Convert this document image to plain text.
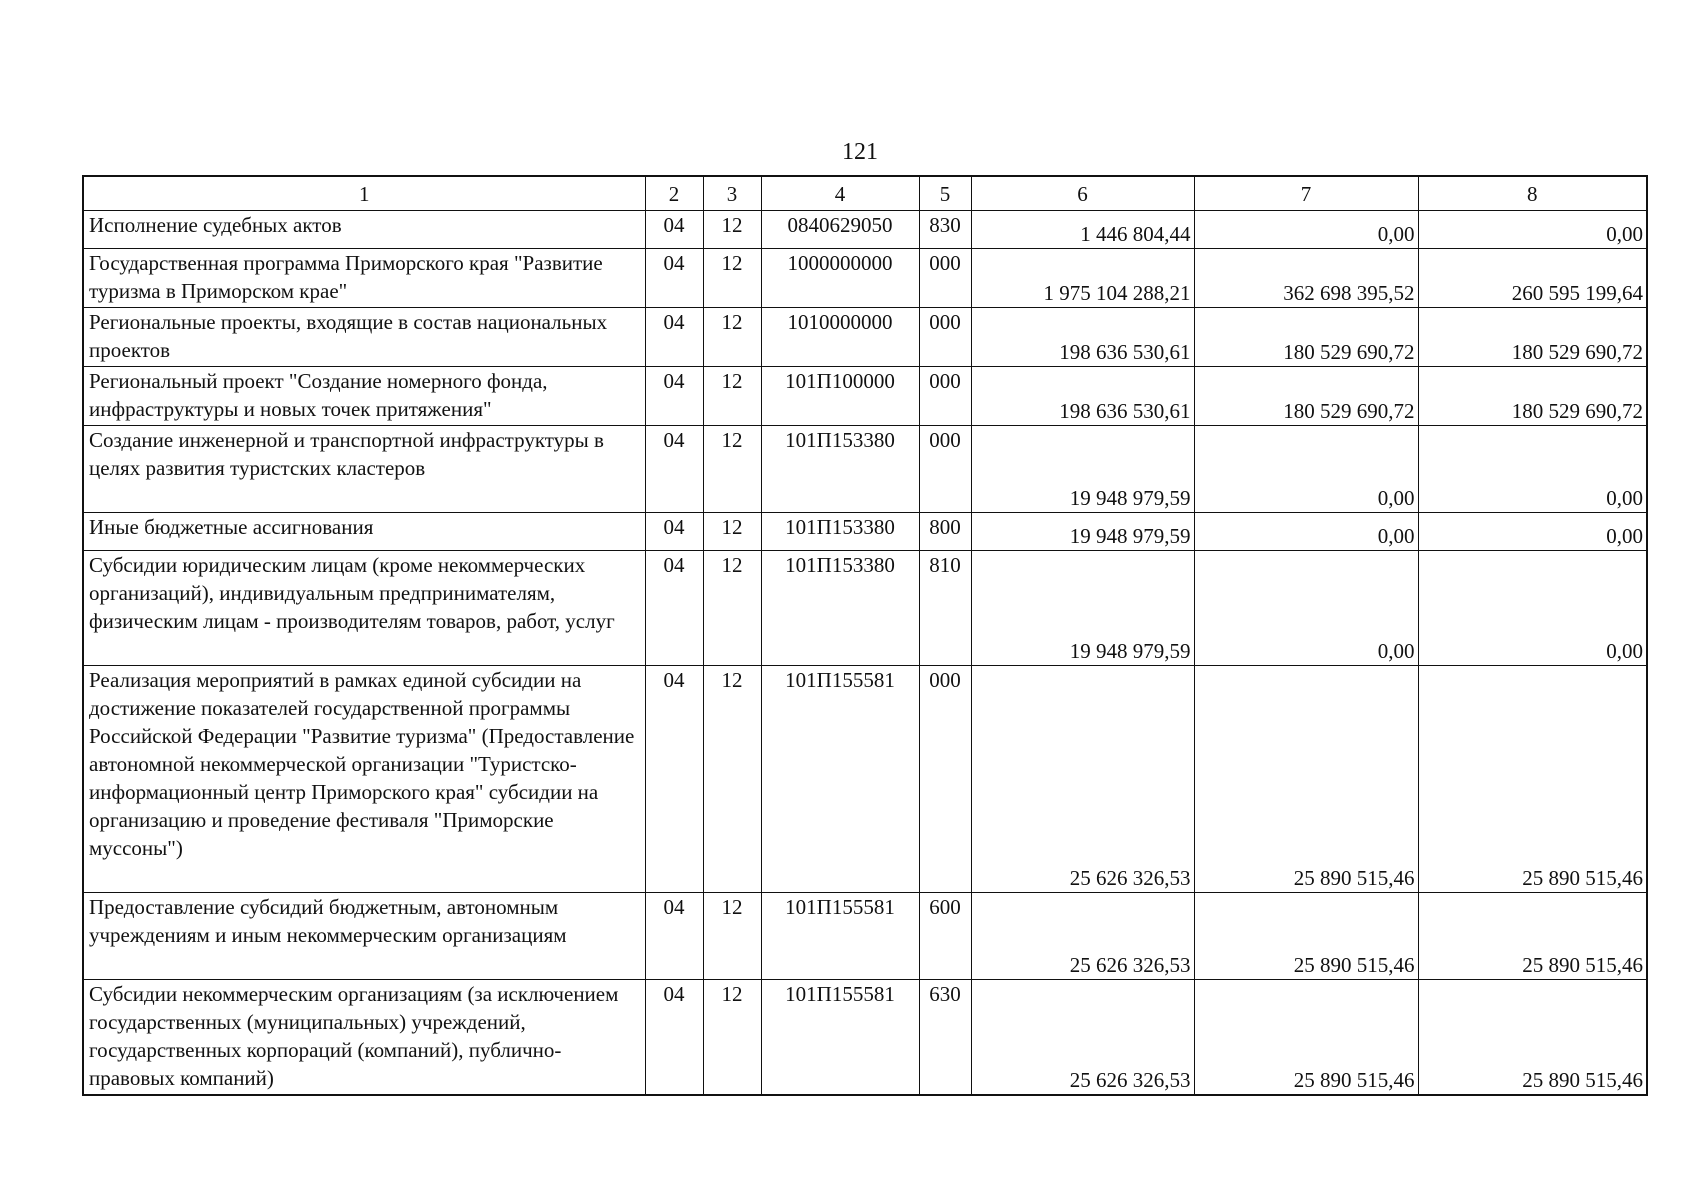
121
1	2	3	4	5	6	7	8
Исполнение судебных актов	04	12	0840629050	830	1 446 804,44	0,00	0,00
Государственная программа Приморского края "Развитие туризма в Приморском крае"	04	12	1000000000	000	1 975 104 288,21	362 698 395,52	260 595 199,64
Региональные проекты, входящие в состав национальных проектов	04	12	1010000000	000	198 636 530,61	180 529 690,72	180 529 690,72
Региональный проект "Создание номерного фонда, инфраструктуры и новых точек притяжения"	04	12	101П100000	000	198 636 530,61	180 529 690,72	180 529 690,72
Создание инженерной и транспортной инфраструктуры в целях развития туристских кластеров	04	12	101П153380	000	19 948 979,59	0,00	0,00
Иные бюджетные ассигнования	04	12	101П153380	800	19 948 979,59	0,00	0,00
Субсидии юридическим лицам (кроме некоммерческих организаций), индивидуальным предпринимателям, физическим лицам - производителям товаров, работ, услуг	04	12	101П153380	810	19 948 979,59	0,00	0,00
Реализация мероприятий в рамках единой субсидии на достижение показателей государственной программы Российской Федерации "Развитие туризма" (Предоставление автономной некоммерческой организации "Туристско-информационный центр Приморского края" субсидии на организацию и проведение фестиваля "Приморские муссоны")	04	12	101П155581	000	25 626 326,53	25 890 515,46	25 890 515,46
Предоставление субсидий бюджетным, автономным учреждениям и иным некоммерческим организациям	04	12	101П155581	600	25 626 326,53	25 890 515,46	25 890 515,46
Субсидии некоммерческим организациям (за исключением государственных (муниципальных) учреждений, государственных корпораций (компаний), публично-правовых компаний)	04	12	101П155581	630	25 626 326,53	25 890 515,46	25 890 515,46
